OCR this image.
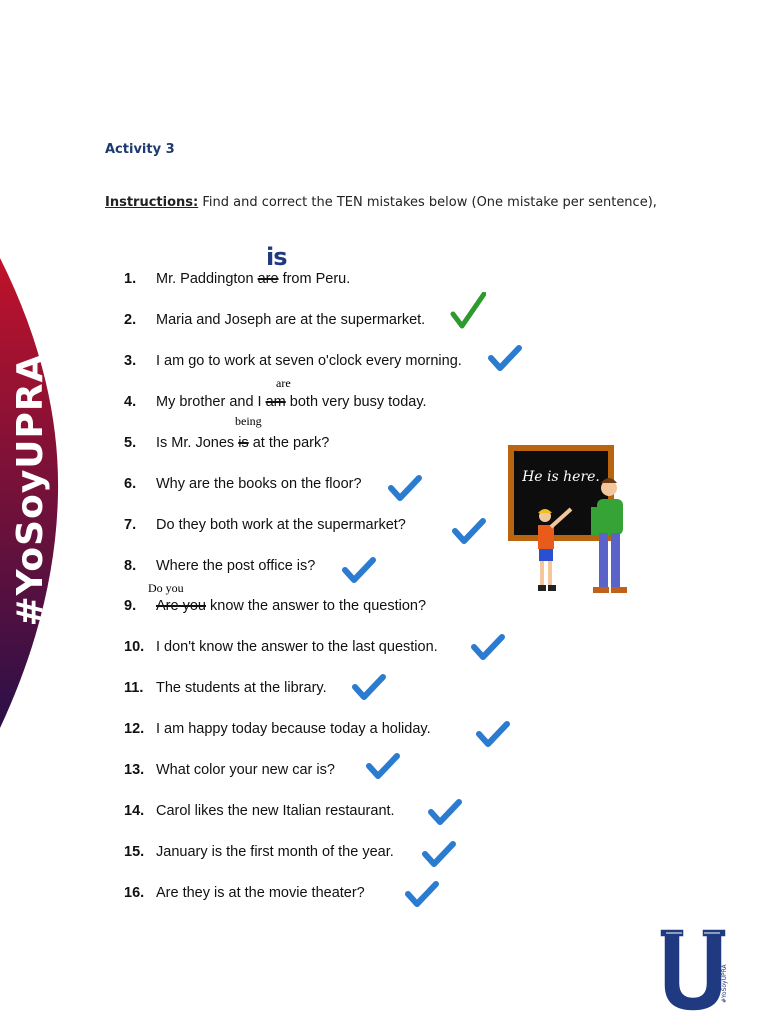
#YoSoyUPRA
Activity 3
Instructions: Find and correct the TEN mistakes below (One mistake per sentence),
is
1. Mr. Paddington are from Peru.
2. Maria and Joseph are at the supermarket.
3. I am go to work at seven o'clock every morning.
are
4. My brother and I am both very busy today.
being
5. Is Mr. Jones is at the park?
6. Why are the books on the floor?
7. Do they both work at the supermarket?
8. Where the post office is?
Do you
9. Are you know the answer to the question?
10. I don't know the answer to the last question.
11. The students at the library.
12. I am happy today because today a holiday.
13. What color your new car is?
14. Carol likes the new Italian restaurant.
15. January is the first month of the year.
16. Are they is at the movie theater?
He is here.
#YoSoyUPRA
